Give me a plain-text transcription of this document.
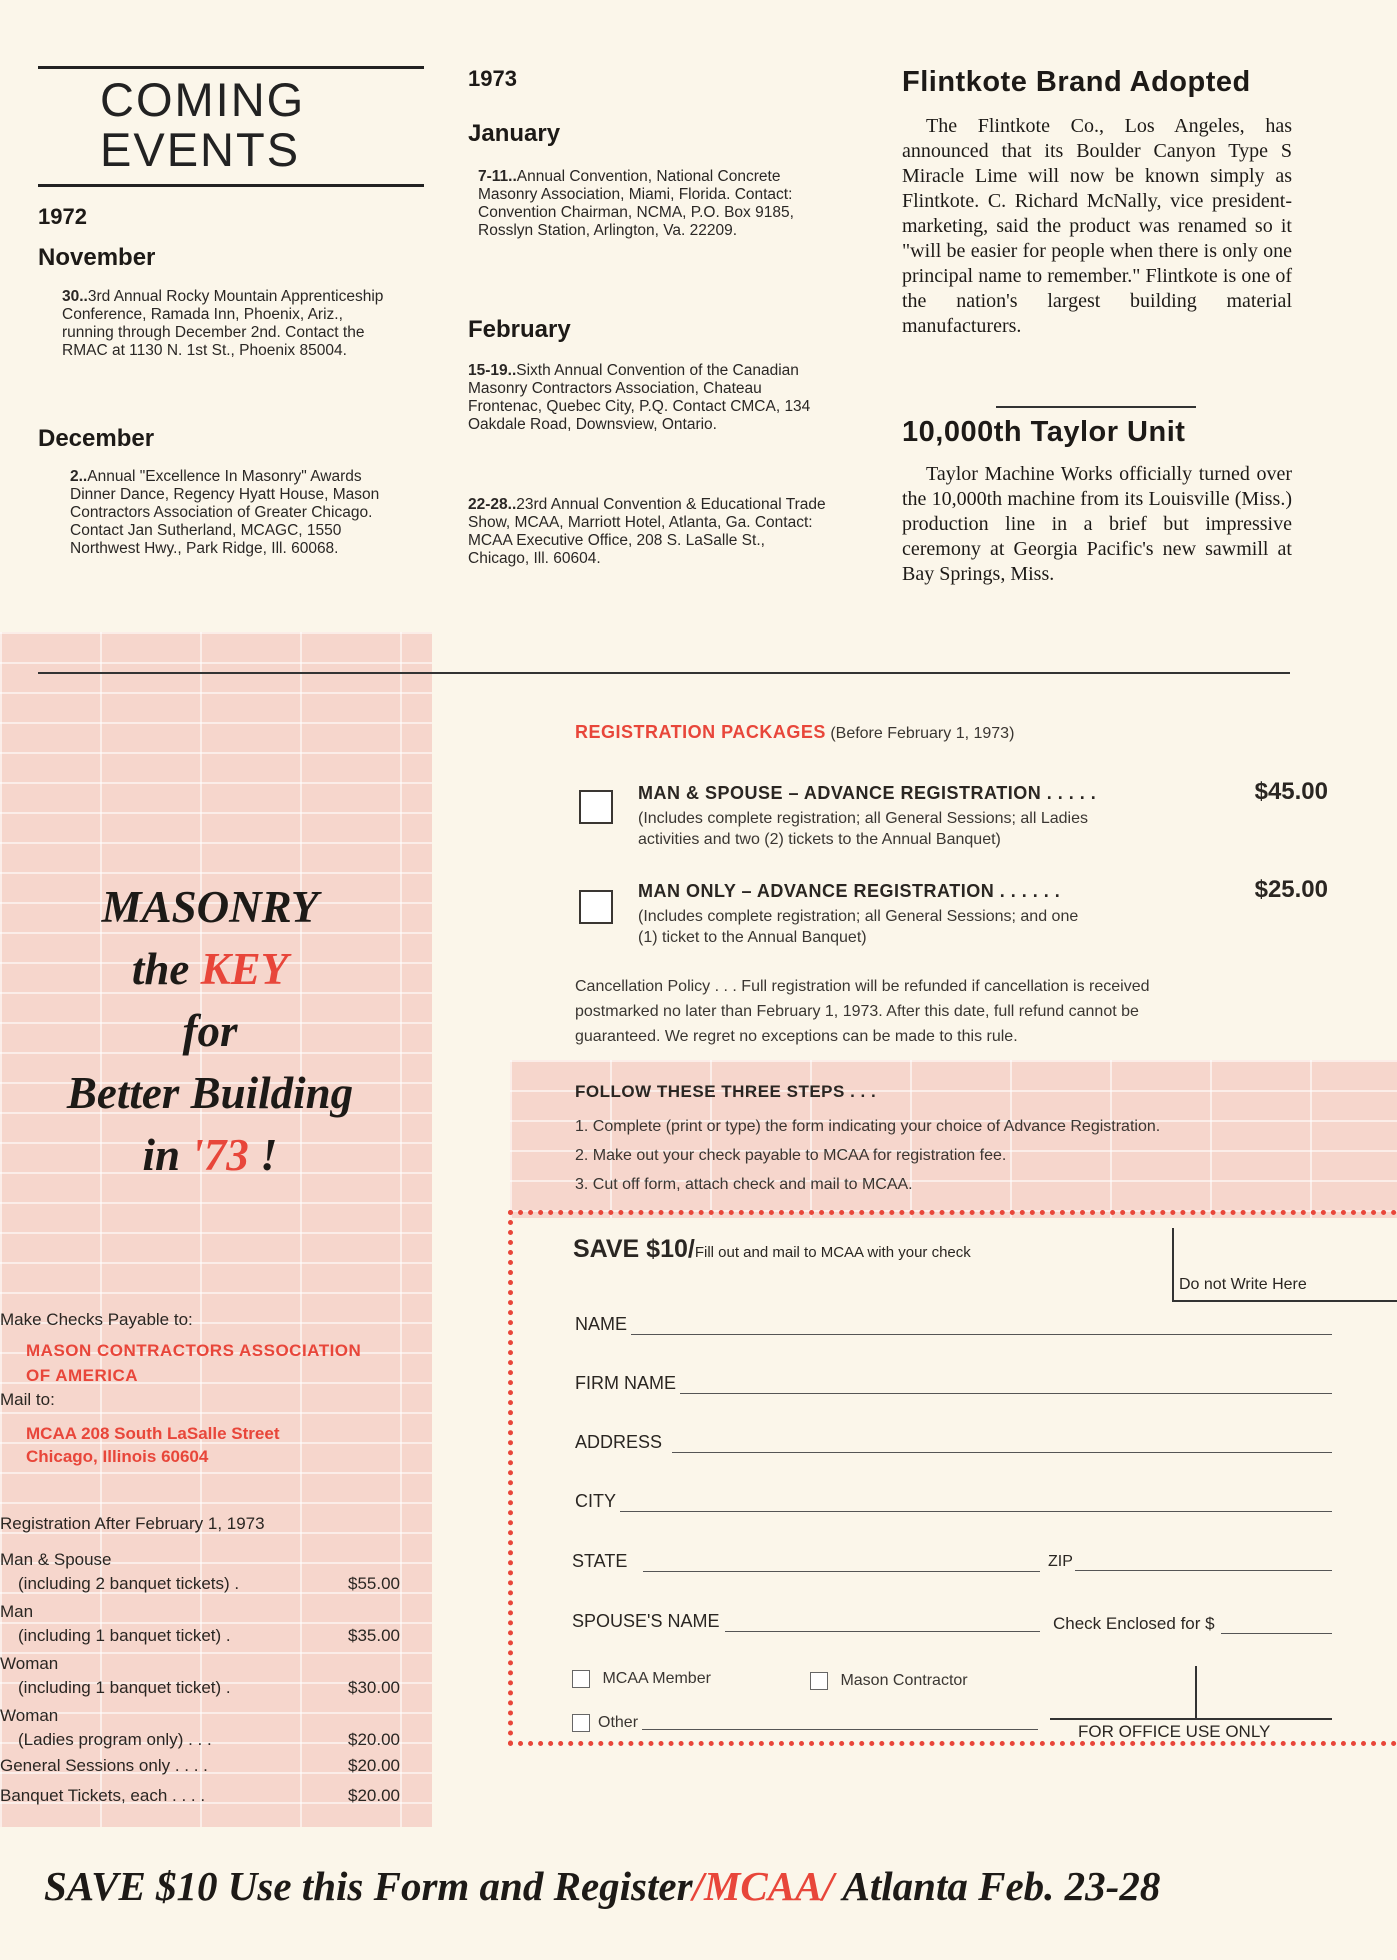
COMING
EVENTS
1972
November
30..3rd Annual Rocky Mountain Apprenticeship Conference, Ramada Inn, Phoenix, Ariz., running through December 2nd. Contact the RMAC at 1130 N. 1st St., Phoenix 85004.
December
2..Annual "Excellence In Masonry" Awards Dinner Dance, Regency Hyatt House, Mason Contractors Association of Greater Chicago. Contact Jan Sutherland, MCAGC, 1550 Northwest Hwy., Park Ridge, Ill. 60068.
1973
January
7-11..Annual Convention, National Concrete Masonry Association, Miami, Florida. Contact: Convention Chairman, NCMA, P.O. Box 9185, Rosslyn Station, Arlington, Va. 22209.
February
15-19..Sixth Annual Convention of the Canadian Masonry Contractors Association, Chateau Frontenac, Quebec City, P.Q. Contact CMCA, 134 Oakdale Road, Downsview, Ontario.
22-28..23rd Annual Convention & Educational Trade Show, MCAA, Marriott Hotel, Atlanta, Ga. Contact: MCAA Executive Office, 208 S. LaSalle St., Chicago, Ill. 60604.
Flintkote Brand Adopted
The Flintkote Co., Los Angeles, has announced that its Boulder Canyon Type S Miracle Lime will now be known simply as Flintkote. C. Richard McNally, vice president-marketing, said the product was renamed so it "will be easier for people when there is only one principal name to remember." Flintkote is one of the nation's largest building material manufacturers.
10,000th Taylor Unit
Taylor Machine Works officially turned over the 10,000th machine from its Louisville (Miss.) production line in a brief but impressive ceremony at Georgia Pacific's new sawmill at Bay Springs, Miss.
MASONRY
the KEY
for
Better Building
in '73 !
Make Checks Payable to:
MASON CONTRACTORS ASSOCIATION
OF AMERICA
Mail to:
MCAA 208 South LaSalle Street
Chicago, Illinois 60604
Registration After February 1, 1973
Man & Spouse
(including 2 banquet tickets) .	$55.00
Man
(including 1 banquet ticket) .	$35.00
Woman
(including 1 banquet ticket) .	$30.00
Woman
(Ladies program only) . . .	$20.00
General Sessions only . . . .	$20.00
Banquet Tickets, each . . . .	$20.00
REGISTRATION PACKAGES (Before February 1, 1973)
MAN & SPOUSE – ADVANCE REGISTRATION . . . . .	$45.00
(Includes complete registration; all General Sessions; all Ladies
activities and two (2) tickets to the Annual Banquet)
MAN ONLY – ADVANCE REGISTRATION . . . . . .	$25.00
(Includes complete registration; all General Sessions; and one
(1) ticket to the Annual Banquet)
Cancellation Policy . . . Full registration will be refunded if cancellation is received
postmarked no later than February 1, 1973. After this date, full refund cannot be
guaranteed. We regret no exceptions can be made to this rule.
FOLLOW THESE THREE STEPS . . .
1. Complete (print or type) the form indicating your choice of Advance Registration.
2. Make out your check payable to MCAA for registration fee.
3. Cut off form, attach check and mail to MCAA.
SAVE $10/Fill out and mail to MCAA with your check
Do not Write Here
NAME
FIRM NAME
ADDRESS
CITY
STATE	ZIP
SPOUSE'S NAME	Check Enclosed for $
MCAA Member	Mason Contractor
Other	FOR OFFICE USE ONLY
SAVE $10 Use this Form and Register/MCAA/ Atlanta Feb. 23-28
